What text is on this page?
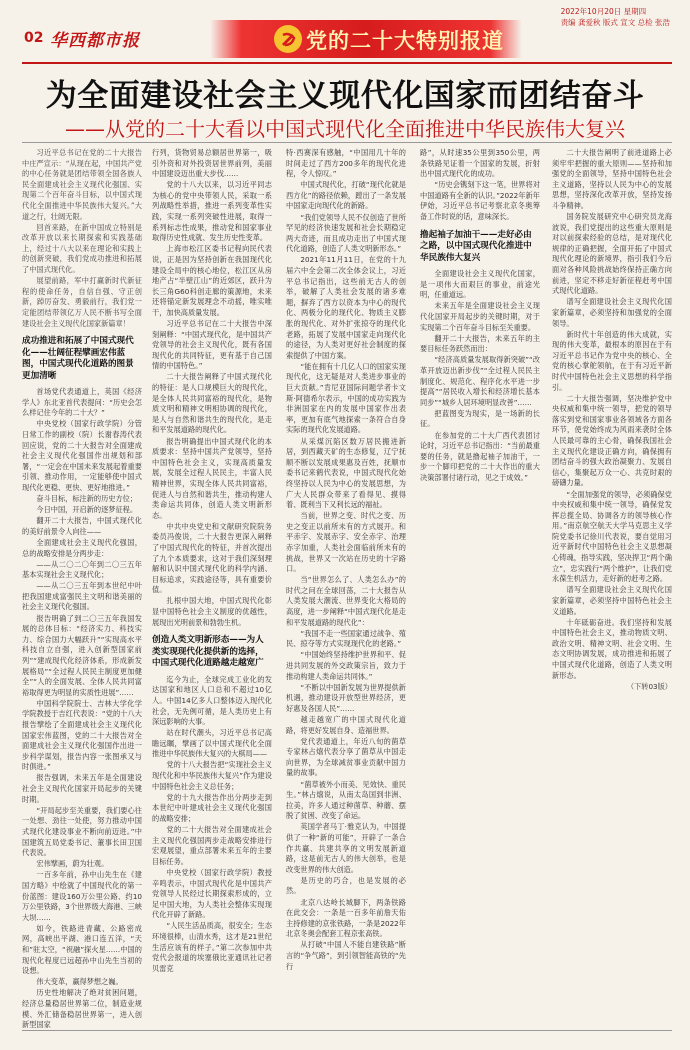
02 华西都市报	党的二十大特别报道
2022年10月20日 星期四
责编 龚爱秋 版式 宣文 总检 张浩
为全面建设社会主义现代化国家而团结奋斗
——从党的二十大看以中国式现代化全面推进中华民族伟大复兴

习近平总书记在党的二十大报告中庄严宣示：“从现在起，中国共产党的中心任务就是团结带领全国各族人民全面建成社会主义现代化强国、实现第二个百年奋斗目标，以中国式现代化全面推进中华民族伟大复兴。”大道之行，壮阔无限。

回首来路，在新中国成立特别是改革开放以来长期探索和实践基础上，经过十八大以来在理论和实践上的创新突破，我们党成功推进和拓展了中国式现代化。

展望前路，军中打赢新时代新征程的使命任务，自信自强、守正创新，踔厉奋发、勇毅前行，我们党一定能团结带领亿万人民不断书写全面建设社会主义现代化国家新篇章！

成功推进和拓展了中国式现代化——壮阔征程擘画宏伟蓝图，中国式现代化道路的图景更加清晰

首场党代表通道上，英国《经济学人》东北亚首代表提问：“历史会怎么样记住今年的二十大？”

中央党校（国家行政学院）分管日常工作的副校（院）长谢春涛代表回应说，党的二十大报告对全面建成社会主义现代化强国作出规划和部署，“一定会在中国未来发展起着重要引领、推动作用，一定能够使中国式现代化更稳、更快、更好地推进。”

奋斗目标，标注新的历史方位；

今日中国，开启新的逐梦征程。

翻开二十大报告，中国式现代化的美好前景令人向往——

全面建成社会主义现代化强国，总的战略安排是分两步走：

——从二〇二〇年到二〇三五年基本实现社会主义现代化；

——从二〇三五年到本世纪中叶把我国建成富强民主文明和谐美丽的社会主义现代化强国。

报告明确了到二〇三五年我国发展的总体目标：“经济实力、科技实力、综合国力大幅跃升”“实现高水平科技自立自强，进入创新型国家前列”“建成现代化经济体系，形成新发展格局”“全过程人民民主制度更加健全”“人的全面发展、全体人民共同富裕取得更为明显的实质性进展”……

中国科学院院士、吉林大学化学学院教授于吉红代表说：“党的十八大报告擘绘了全面建成社会主义现代化国家宏伟蓝图，党的二十大报告对全面建成社会主义现代化强国作出进一步科学谋划，报告内容一张图承又与时俱进。”

报告强调，未来五年是全面建设社会主义现代化国家开局起步的关键时期。

“开局起步至关重要，我们要心往一处想、劲往一处使，努力推动中国式现代化建设事业不断向前迈进。”中国建筑五局党委书记、董事长田卫国代表说。

宏伟擘画，蔚为壮观。

一百多年前，孙中山先生在《建国方略》中绘就了中国现代化的第一份蓝图：建设160万公里公路、约10万公里铁路，3个世界级大海港、三峡大坝……

如今，铁路进青藏、公路密成网，高峡出平湖、港口连五洋，“天和”驻太空，“祝融”探火星……中国的现代化程度已远超孙中山先生当初的设想。

伟大变革，赢得梦想之巍。

历史性地解决了绝对贫困问题，经济总量稳居世界第二位，制造业规模、外汇储备稳居世界第一，进入创新型国家

行列，货物贸易总额居世界第一，吸引外资和对外投资居世界前列，美丽中国建设迈出重大步伐……

党的十八大以来，以习近平同志为核心的党中央带领人民，采取一系列战略性举措，推进一系列变革性实践，实现一系列突破性进展，取得一系列标志性成果，推动党和国家事业取得历史性成就、发生历史性变革。

上海市松江区委书记程向民代表说，正是因为坚持创新在我国现代化建设全局中的核心地位，松江区从房地产占“半壁江山”的近郊区，跃升为长三角G60科创走廊的策源地，未来还将锚定新发展理念不动摇，唯实唯干，加快高质量发展。

习近平总书记在二十大报告中深刻阐释：“中国式现代化，是中国共产党领导的社会主义现代化，既有各国现代化的共同特征，更有基于自己国情的中国特色。”

二十大报告阐释了中国式现代化的特征：是人口规模巨大的现代化，是全体人民共同富裕的现代化，是物质文明和精神文明相协调的现代化，是人与自然和谐共生的现代化，是走和平发展道路的现代化。

报告明确提出中国式现代化的本质要求：坚持中国共产党领导，坚持中国特色社会主义，实现高质量发展，发展全过程人民民主，丰富人民精神世界，实现全体人民共同富裕，促进人与自然和谐共生，推动构建人类命运共同体，创造人类文明新形态。

中共中央党史和文献研究院院务委员冯俊说，二十大报告更深入阐释了中国式现代化的特征，并首次提出了九个本质要求，这对于我们深刻理解和认识中国式现代化的科学内涵、目标追求，实践途径等，具有重要价值。

扎根中国大地，中国式现代化彰显中国特色社会主义制度的优越性，展现出光明前景和勃勃生机。

创造人类文明新形态——为人类实现现代化提供新的选择，中国式现代化道路越走越宽广

迄今为止，全球完成工业化的发达国家和地区人口总和不超过10亿人。中国14亿多人口整体迈入现代化社会，无先例可循，是人类历史上有深远影响的大事。

站在时代潮头，习近平总书记高瞻远瞩，擘画了以中国式现代化全面推进中华民族伟大复兴的大棋局——

党的十八大报告把“实现社会主义现代化和中华民族伟大复兴”作为建设中国特色社会主义总任务；

党的十九大报告作出分两步走到本世纪中叶建成社会主义现代化强国的战略安排；

党的二十大报告对全面建成社会主义现代化强国两步走战略安排进行宏观展望，重点部署未来五年的主要目标任务。

中央党校（国家行政学院）教授辛鸣表示，中国式现代化是中国共产党领导人民经过长期探索形成的，立足中国大地，为人类社会整体实现现代化开辟了新路。

“人民生活品质高，很安全；生态环境很棒，山清水秀，这才是21世纪生活应该有的样子。”第二次参加中共党代会报道的埃塞俄比亚通讯社记者贝雷克

特·西赛深有感触，“中国用几十年的时间走过了西方200多年的现代化进程，令人惊叹。”

中国式现代化，打破“现代化就是西方化”的路径依赖，蹚出了一条发展中国家走向现代化的新路。

“我们党领导人民不仅创造了世所罕见的经济快速发展和社会长期稳定两大奇迹，而且成功走出了中国式现代化道路，创造了人类文明新形态。”

2021年11月11日，在党的十九届六中全会第二次全体会议上，习近平总书记指出，这些前无古人的创举，破解了人类社会发展的诸多难题，摒弃了西方以资本为中心的现代化、两极分化的现代化、物质主义膨胀的现代化、对外扩张掠夺的现代化老路，拓展了发展中国家走向现代化的途径，为人类对更好社会制度的探索提供了中国方案。

“能在拥有十几亿人口的国家实现现代化，这无疑是对人类进步事业的巨大贡献。”肯尼亚国际问题学者卡文斯·阿德希尔表示，中国的成功实践为非洲国家在内的发展中国家作出表率，更加有底气地探索一条符合自身实际的现代化发展道路。

从采煤沉陷区数万居民搬进新居，到西藏天矿的生态修复，辽宁抚顺不断以发展成果惠及百姓，抚顺市委书记来鹤代表说，中国式现代化始终坚持以人民为中心的发展思想，为广大人民群众带来了看得见、摸得着、既利当下又利长远的福祉。

当前，世界之变、时代之变、历史之变正以前所未有的方式展开。和平赤字、发展赤字、安全赤字、治理赤字加重，人类社会面临前所未有的挑战，世界又一次站在历史的十字路口。

当“世界怎么了、人类怎么办”的时代之问在全球回荡，二十大报告从人类发展大潮流、世界变化大格局的高度，进一步阐释“中国式现代化是走和平发展道路的现代化”：

“我国不走一些国家通过战争、殖民、掠夺等方式实现现代化的老路。”

“中国始终坚持维护世界和平、促进共同发展的外交政策宗旨，致力于推动构建人类命运共同体。”

“不断以中国新发展为世界提供新机遇，推动建设开放型世界经济，更好惠及各国人民”……

越走越宽广的中国式现代化道路，将更好发展自身、造福世界。

党代表通道上，年近八旬的菌草专家林占熺代表分享了菌草从中国走向世界，为全球减贫事业贡献中国力量的故事。

“菌草被外小而美、见效快、重民生。”林占熺说，从南太岛国到非洲、拉美，许多人通过种菌草、种蘑、摆脱了贫困、改变了命运。

英国学者马丁·雅克认为，中国提供了一种“新的可能”，开辟了一条合作共赢、共建共享的文明发展新道路，这是前无古人的伟大创举，也是改变世界的伟大创造。

是历史的巧合，也是发展的必然。

北京八达岭长城脚下，两条铁路在此交会：一条是一百多年前詹天佑主持修建的京张铁路，一条是2022年北京冬奥会配套工程京张高铁。

从打破“中国人不能自建铁路”断言的“争气路”，到引领智能高铁的“先行

路”，从时速35公里到350公里，两条铁路见证着一个国家的发展，折射出中国式现代化的成功。

“历史会镌刻下这一笔，世界将对中国道路有全新的认识。”2022年新年伊始，习近平总书记考察北京冬奥筹备工作时说的话，意味深长。

撸起袖子加油干——走好必由之路，以中国式现代化推进中华民族伟大复兴

全面建设社会主义现代化国家，是一项伟大而艰巨的事业，前途光明，任重道远。

未来五年是全面建设社会主义现代化国家开局起步的关键时期，对于实现第二个百年奋斗目标至关重要。

翻开二十大报告，未来五年的主要目标任务跃然而出：

“经济高质量发展取得新突破”“改革开放迈出新步伐”“全过程人民民主制度化、规范化、程序化水平进一步提高”“居民收入增长和经济增长基本同步”“城乡人居环境明显改善”……

把蓝图变为现实，是一场新的长征。

在参加党的二十大广西代表团讨论时，习近平总书记指出：“当前最重要的任务，就是撸起袖子加油干，一步一个脚印把党的二十大作出的重大决策部署付诸行动，见之于成效。”

二十大报告阐明了前进道路上必须牢牢把握的重大原则——坚持和加强党的全面领导，坚持中国特色社会主义道路，坚持以人民为中心的发展思想，坚持深化改革开放，坚持发扬斗争精神。

国务院发展研究中心研究员龙海波说，我们党提出的这些重大原则是对以前探索经验的总结，是对现代化规律的正确把握，全面开拓了中国式现代化理论的新境界，指引我们今后面对各种风险挑战始终保持正确方向前进，坚定不移走好新征程赶考中国式现代化道路。

谱写全面建设社会主义现代化国家新篇章，必须坚持和加强党的全面领导。

新时代十年创造的伟大成就，实现的伟大变革，最根本的原因在于有习近平总书记作为党中央的核心、全党的核心掌舵领航，在于有习近平新时代中国特色社会主义思想的科学指引。

二十大报告强调，坚决维护党中央权威和集中统一领导，把党的领导落实到党和国家事业各领域各方面各环节，使党始终成为风雨来袭时全体人民最可靠的主心骨，确保我国社会主义现代化建设正确方向，确保拥有团结奋斗的强大政治凝聚力、发展自信心，集聚起万众一心、共克时艰的磅礴力量。

“全面加强党的领导，必须确保党中央权威和集中统一领导，确保党发挥总揽全局、协调各方的领导核心作用。”南京航空航天大学马克思主义学院党委书记徐川代表说，要自觉用习近平新时代中国特色社会主义思想凝心铸魂，指导实践，坚决捍卫“两个确立”，忠实践行“两个维护”，让我们党永葆生机活力，走好新的赶考之路。

谱写全面建设社会主义现代化国家新篇章，必须坚持中国特色社会主义道路。

十年砥砺奋进。我们坚持和发展中国特色社会主义，推动物质文明、政治文明、精神文明、社会文明、生态文明协调发展，成功推进和拓展了中国式现代化道路，创造了人类文明新形态。

（下转03版）
